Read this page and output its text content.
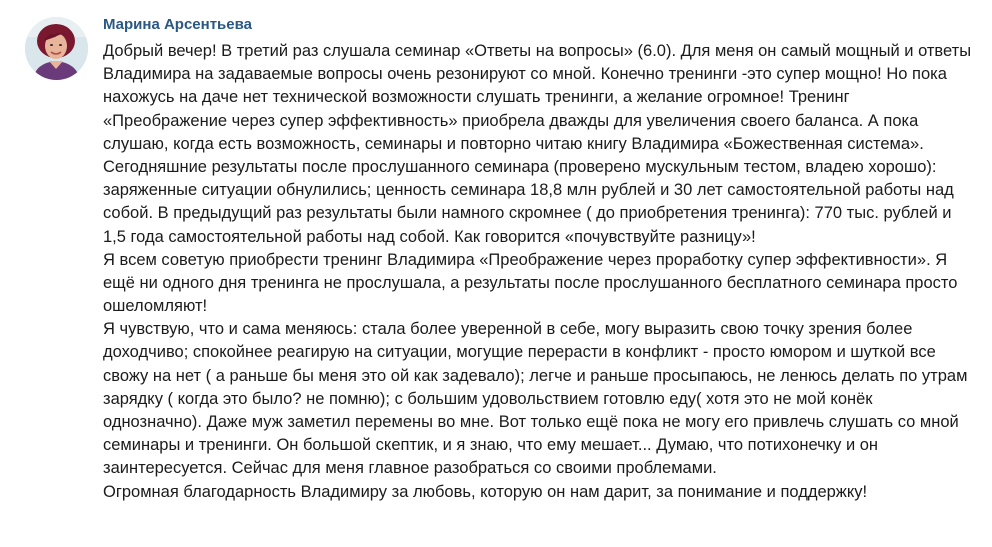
Марина Арсентьева
Добрый вечер! В третий раз слушала семинар «Ответы на вопросы» (6.0). Для меня он самый мощный и ответы
Владимира на задаваемые вопросы очень резонируют со мной. Конечно тренинги -это супер мощно! Но пока
нахожусь на даче нет технической возможности слушать тренинги, а желание огромное! Тренинг
«Преображение через супер эффективность» приобрела дважды для увеличения своего баланса. А пока
слушаю, когда есть возможность, семинары и повторно читаю книгу Владимира «Божественная система».
Сегодняшние результаты после прослушанного семинара (проверено мускульным тестом, владею хорошо):
заряженные ситуации обнулились; ценность семинара 18,8 млн рублей и 30 лет самостоятельной работы над
собой. В предыдущий раз результаты были намного скромнее ( до приобретения тренинга): 770 тыс. рублей и
1,5 года самостоятельной работы над собой. Как говорится «почувствуйте разницу»!
Я всем советую приобрести тренинг Владимира «Преображение через проработку супер эффективности». Я
ещё ни одного дня тренинга не прослушала, а результаты после прослушанного бесплатного семинара просто
ошеломляют!
Я чувствую, что и сама меняюсь: стала более уверенной в себе, могу выразить свою точку зрения более
доходчиво; спокойнее реагирую на ситуации, могущие перерасти в конфликт - просто юмором и шуткой все
свожу на нет ( а раньше бы меня это ой как задевало); легче и раньше просыпаюсь, не ленюсь делать по утрам
зарядку ( когда это было? не помню); с большим удовольствием готовлю еду( хотя это не мой конёк
однозначно). Даже муж заметил перемены во мне. Вот только ещё пока не могу его привлечь слушать со мной
семинары и тренинги. Он большой скептик, и я знаю, что ему мешает... Думаю, что потихонечку и он
заинтересуется. Сейчас для меня главное разобраться со своими проблемами.
Огромная благодарность Владимиру за любовь, которую он нам дарит, за понимание и поддержку!
